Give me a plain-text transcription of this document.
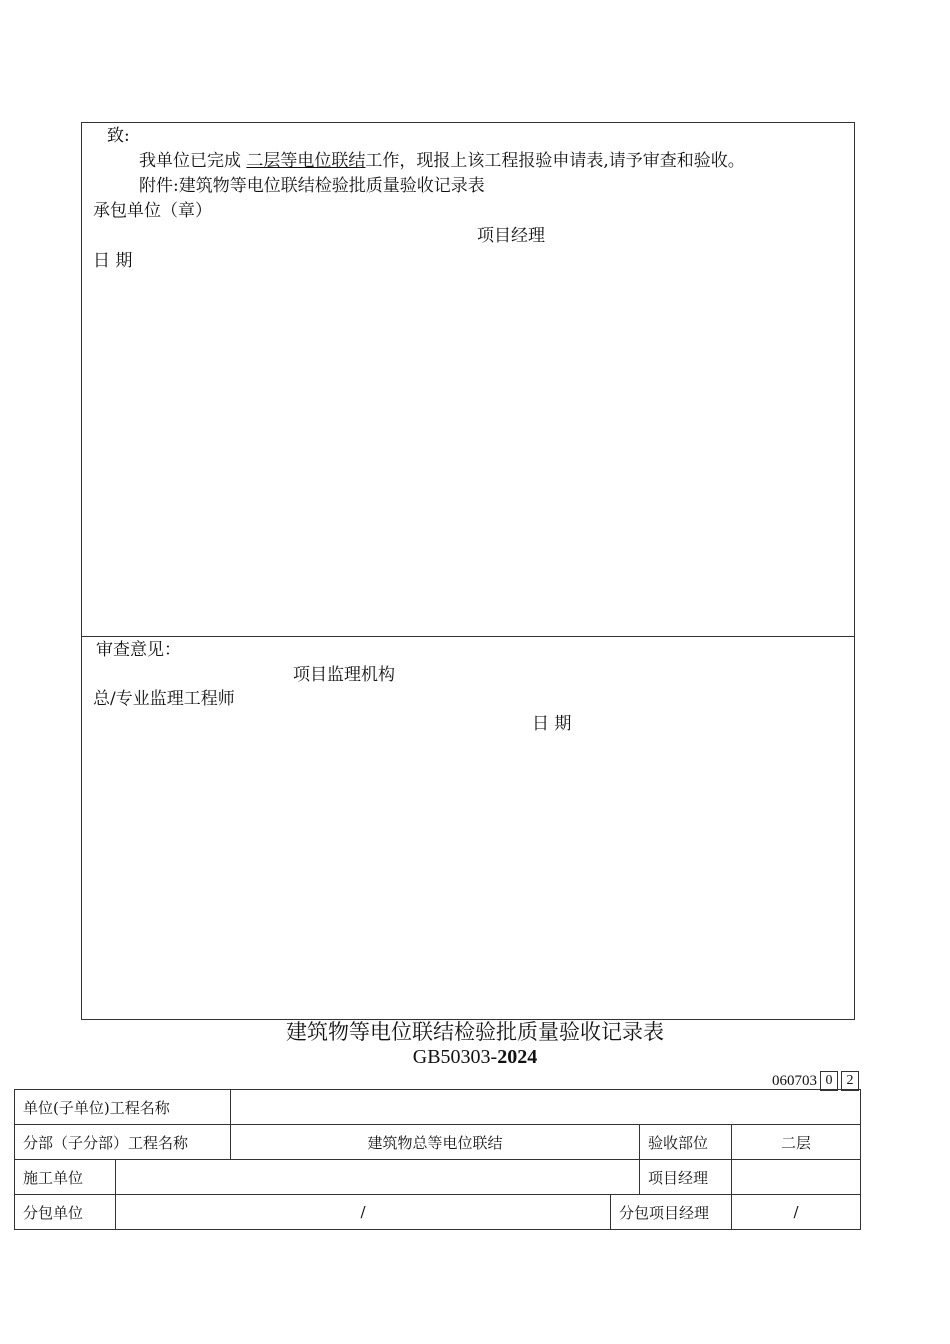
致:
我单位已完成 二层等电位联结工作，现报上该工程报验申请表,请予审查和验收。
附件:建筑物等电位联结检验批质量验收记录表
承包单位（章）
项目经理
日 期
审查意见：
项目监理机构
总/专业监理工程师
日 期
建筑物等电位联结检验批质量验收记录表
GB50303-2024
060703 0	2
单位(子单位)工程名称					
分部（子分部）工程名称		建筑物总等电位联结		验收部位	二层
施工单位				项目经理	
分包单位	/		分包项目经理		/
